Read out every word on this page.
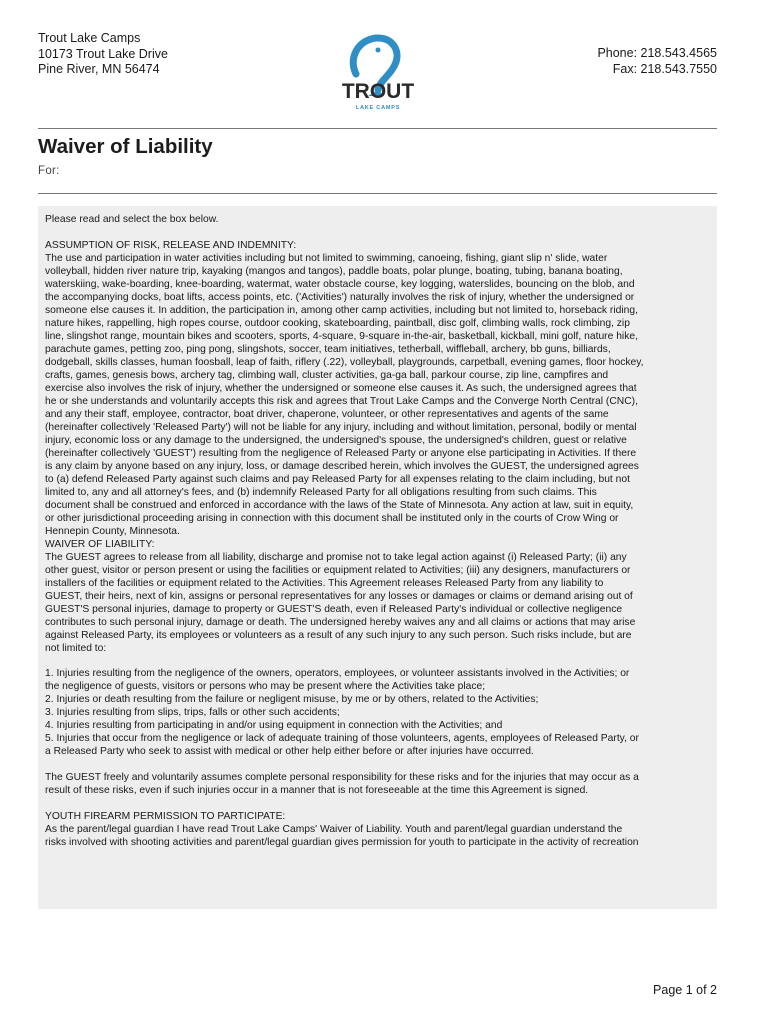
Trout Lake Camps
10173 Trout Lake Drive
Pine River, MN 56474
TROUT
LAKE CAMPS
Phone: 218.543.4565
Fax: 218.543.7550
Waiver of Liability
For:

Please read and select the box below.

ASSUMPTION OF RISK, RELEASE AND INDEMNITY:

The use and participation in water activities including but not limited to swimming, canoeing, fishing, giant slip n' slide, water

volleyball, hidden river nature trip, kayaking (mangos and tangos), paddle boats, polar plunge, boating, tubing, banana boating,

waterskiing, wake-boarding, knee-boarding, watermat, water obstacle course, key logging, waterslides, bouncing on the blob, and

the accompanying docks, boat lifts, access points, etc. ('Activities') naturally involves the risk of injury, whether the undersigned or

someone else causes it. In addition, the participation in, among other camp activities, including but not limited to, horseback riding,

nature hikes, rappelling, high ropes course, outdoor cooking, skateboarding, paintball, disc golf, climbing walls, rock climbing, zip

line, slingshot range, mountain bikes and scooters, sports, 4-square, 9-square in-the-air, basketball, kickball, mini golf, nature hike,

parachute games, petting zoo, ping pong, slingshots, soccer, team initiatives, tetherball, wiffleball, archery, bb guns, billiards,

dodgeball, skills classes, human foosball, leap of faith, riflery (.22), volleyball, playgrounds, carpetball, evening games, floor hockey,

crafts, games, genesis bows, archery tag, climbing wall, cluster activities, ga-ga ball, parkour course, zip line, campfires and

exercise also involves the risk of injury, whether the undersigned or someone else causes it. As such, the undersigned agrees that

he or she understands and voluntarily accepts this risk and agrees that Trout Lake Camps and the Converge North Central (CNC),

and any their staff, employee, contractor, boat driver, chaperone, volunteer, or other representatives and agents of the same

(hereinafter collectively 'Released Party') will not be liable for any injury, including and without limitation, personal, bodily or mental

injury, economic loss or any damage to the undersigned, the undersigned's spouse, the undersigned's children, guest or relative

(hereinafter collectively 'GUEST') resulting from the negligence of Released Party or anyone else participating in Activities. If there

is any claim by anyone based on any injury, loss, or damage described herein, which involves the GUEST, the undersigned agrees

to (a) defend Released Party against such claims and pay Released Party for all expenses relating to the claim including, but not

limited to, any and all attorney's fees, and (b) indemnify Released Party for all obligations resulting from such claims. This

document shall be construed and enforced in accordance with the laws of the State of Minnesota. Any action at law, suit in equity,

or other jurisdictional proceeding arising in connection with this document shall be instituted only in the courts of Crow Wing or

Hennepin County, Minnesota.

WAIVER OF LIABILITY:

The GUEST agrees to release from all liability, discharge and promise not to take legal action against (i) Released Party; (ii) any

other guest, visitor or person present or using the facilities or equipment related to Activities; (iii) any designers, manufacturers or

installers of the facilities or equipment related to the Activities. This Agreement releases Released Party from any liability to

GUEST, their heirs, next of kin, assigns or personal representatives for any losses or damages or claims or demand arising out of

GUEST'S personal injuries, damage to property or GUEST'S death, even if Released Party's individual or collective negligence

contributes to such personal injury, damage or death. The undersigned hereby waives any and all claims or actions that may arise

against Released Party, its employees or volunteers as a result of any such injury to any such person. Such risks include, but are

not limited to:

1. Injuries resulting from the negligence of the owners, operators, employees, or volunteer assistants involved in the Activities; or

the negligence of guests, visitors or persons who may be present where the Activities take place;

2. Injuries or death resulting from the failure or negligent misuse, by me or by others, related to the Activities;

3. Injuries resulting from slips, trips, falls or other such accidents;

4. Injuries resulting from participating in and/or using equipment in connection with the Activities; and

5. Injuries that occur from the negligence or lack of adequate training of those volunteers, agents, employees of Released Party, or

a Released Party who seek to assist with medical or other help either before or after injuries have occurred.

The GUEST freely and voluntarily assumes complete personal responsibility for these risks and for the injuries that may occur as a

result of these risks, even if such injuries occur in a manner that is not foreseeable at the time this Agreement is signed.

YOUTH FIREARM PERMISSION TO PARTICIPATE:

As the parent/legal guardian I have read Trout Lake Camps' Waiver of Liability. Youth and parent/legal guardian understand the

risks involved with shooting activities and parent/legal guardian gives permission for youth to participate in the activity of recreation

Page 1 of 2
